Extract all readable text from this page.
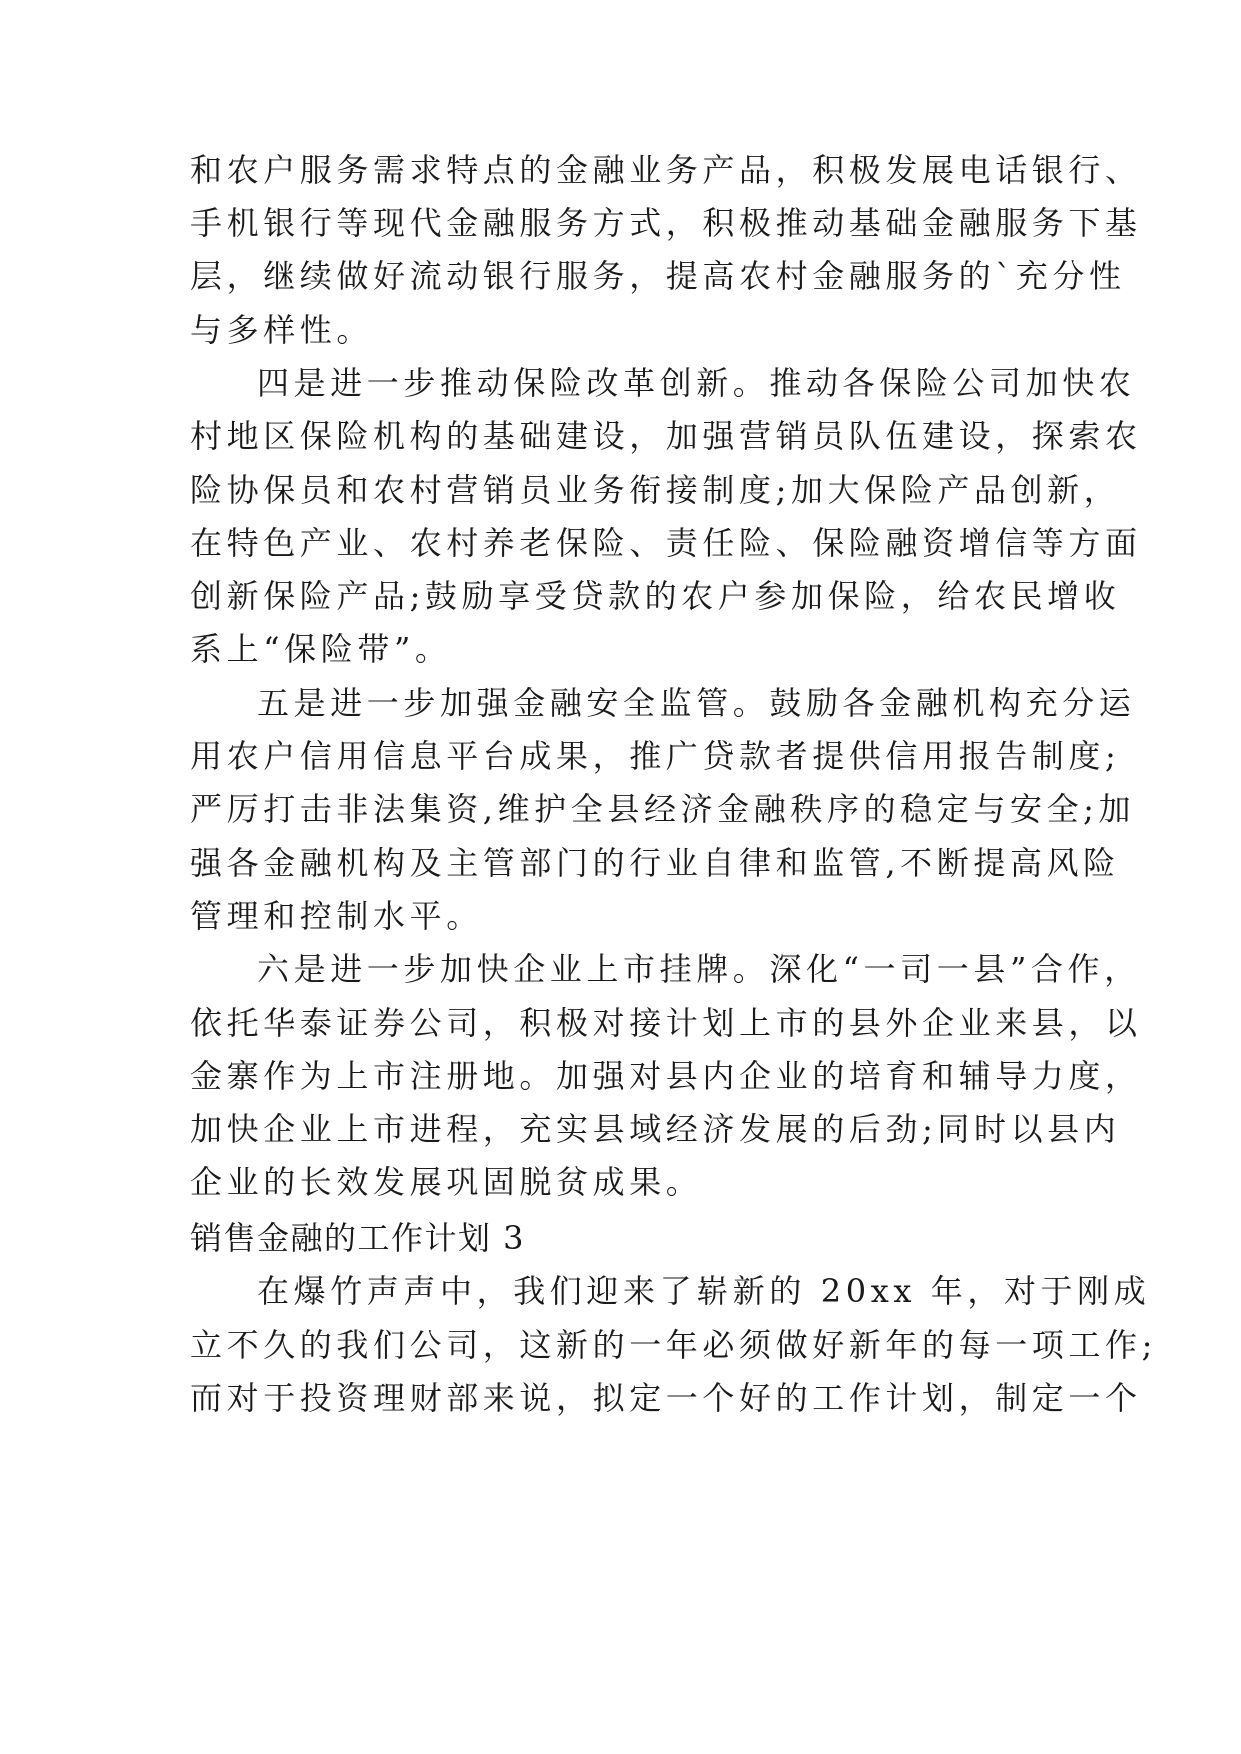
和农户服务需求特点的金融业务产品，积极发展电话银行、
手机银行等现代金融服务方式，积极推动基础金融服务下基
层，继续做好流动银行服务，提高农村金融服务的`充分性
与多样性。
四是进一步推动保险改革创新。推动各保险公司加快农
村地区保险机构的基础建设，加强营销员队伍建设，探索农
险协保员和农村营销员业务衔接制度;加大保险产品创新，
在特色产业、农村养老保险、责任险、保险融资增信等方面
创新保险产品;鼓励享受贷款的农户参加保险，给农民增收
系上“保险带”。
五是进一步加强金融安全监管。鼓励各金融机构充分运
用农户信用信息平台成果，推广贷款者提供信用报告制度;
严厉打击非法集资,维护全县经济金融秩序的稳定与安全;加
强各金融机构及主管部门的行业自律和监管,不断提高风险
管理和控制水平。
六是进一步加快企业上市挂牌。深化“一司一县”合作，
依托华泰证券公司，积极对接计划上市的县外企业来县，以
金寨作为上市注册地。加强对县内企业的培育和辅导力度，
加快企业上市进程，充实县域经济发展的后劲;同时以县内
企业的长效发展巩固脱贫成果。
销售金融的工作计划 3
在爆竹声声中，我们迎来了崭新的 20xx 年，对于刚成
立不久的我们公司，这新的一年必须做好新年的每一项工作;
而对于投资理财部来说，拟定一个好的工作计划，制定一个
